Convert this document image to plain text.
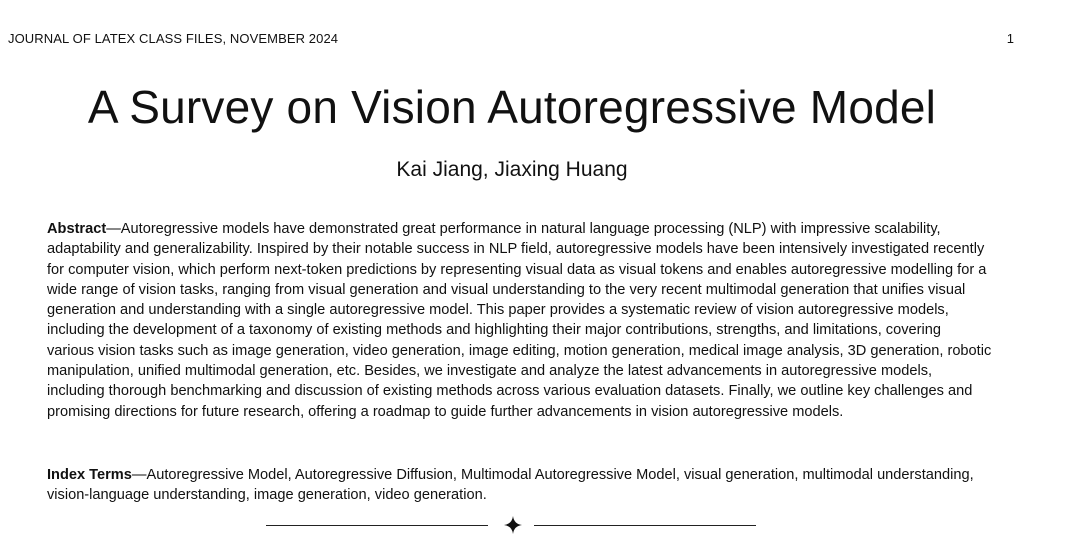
JOURNAL OF LATEX CLASS FILES, NOVEMBER 2024	1
A Survey on Vision Autoregressive Model
Kai Jiang, Jiaxing Huang

Abstract—Autoregressive models have demonstrated great performance in natural language processing (NLP) with impressive scalability, adaptability and generalizability. Inspired by their notable success in NLP field, autoregressive models have been intensively investigated recently for computer vision, which perform next-token predictions by representing visual data as visual tokens and enables autoregressive modelling for a wide range of vision tasks, ranging from visual generation and visual understanding to the very recent multimodal generation that unifies visual generation and understanding with a single autoregressive model. This paper provides a systematic review of vision autoregressive models, including the development of a taxonomy of existing methods and highlighting their major contributions, strengths, and limitations, covering various vision tasks such as image generation, video generation, image editing, motion generation, medical image analysis, 3D generation, robotic manipulation, unified multimodal generation, etc. Besides, we investigate and analyze the latest advancements in autoregressive models, including thorough benchmarking and discussion of existing methods across various evaluation datasets. Finally, we outline key challenges and promising directions for future research, offering a roadmap to guide further advancements in vision autoregressive models.

Index Terms—Autoregressive Model, Autoregressive Diffusion, Multimodal Autoregressive Model, visual generation, multimodal understanding, vision-language understanding, image generation, video generation.
